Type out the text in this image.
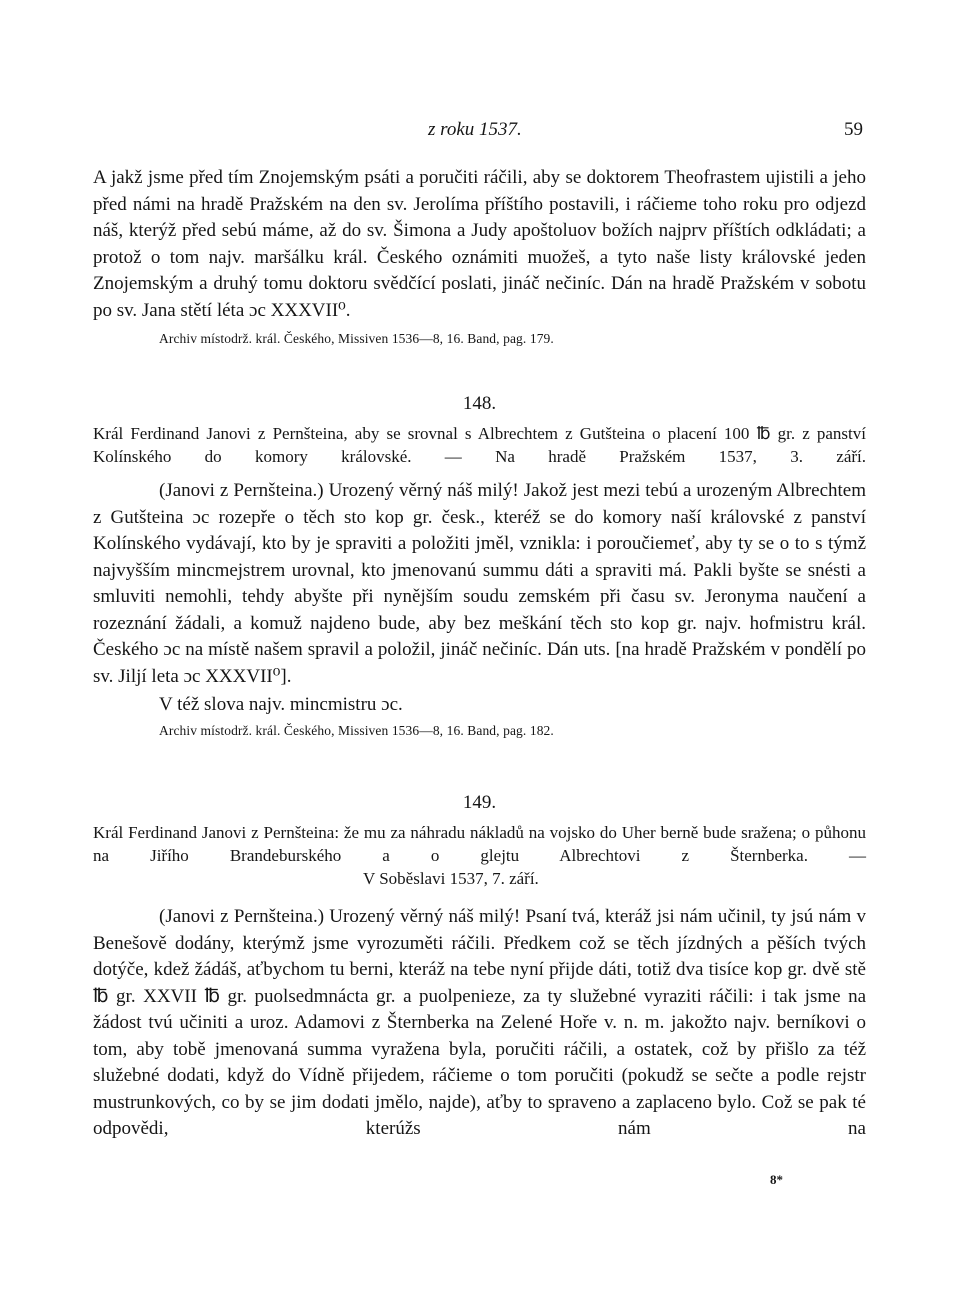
z roku 1537.	59

A jakž jsme před tím Znojemským psáti a poručiti ráčili, aby se doktorem Theofrastem ujistili a jeho před námi na hradě Pražském na den sv. Jerolíma příštího postavili, i ráčieme toho roku pro odjezd náš, kterýž před sebú máme, až do sv. Šimona a Judy apoštoluov božích najprv příštích odkládati; a protož o tom najv. maršálku král. Českého oznámiti muožeš, a tyto naše listy královské jeden Znojemským a druhý tomu doktoru svědčící poslati, jináč nečiníc. Dán na hradě Pražském v sobotu po sv. Jana stětí léta ɔc XXXVII⁰.

Archiv místodrž. král. Českého, Missiven 1536—8, 16. Band, pag. 179.

148.

Král Ferdinand Janovi z Pernšteina, aby se srovnal s Albrechtem z Gutšteina o placení 100 ℔ gr. z panství Kolínského do komory královské. — Na hradě Pražském 1537, 3. září.

(Janovi z Pernšteina.) Urozený věrný náš milý! Jakož jest mezi tebú a urozeným Albrechtem z Gutšteina ɔc rozepře o těch sto kop gr. česk., kteréž se do komory naší královské z panství Kolínského vydávají, kto by je spraviti a položiti jměl, vznikla: i poroučiemeť, aby ty se o to s týmž najvyšším mincmejstrem urovnal, kto jmenovanú summu dáti a spraviti má. Pakli byšte se snésti a smluviti nemohli, tehdy abyšte při nynějším soudu zemském při času sv. Jeronyma naučení a rozeznání žádali, a komuž najdeno bude, aby bez meškání těch sto kop gr. najv. hofmistru král. Českého ɔc na místě našem spravil a položil, jináč nečiníc. Dán uts. [na hradě Pražském v pondělí po sv. Jiljí leta ɔc XXXVII⁰].

V též slova najv. mincmistru ɔc.

Archiv místodrž. král. Českého, Missiven 1536—8, 16. Band, pag. 182.

149.

Král Ferdinand Janovi z Pernšteina: že mu za náhradu nákladů na vojsko do Uher berně bude sražena; o půhonu na Jiřího Brandeburského a o glejtu Albrechtovi z Šternberka. —

V Soběslavi 1537, 7. září.

(Janovi z Pernšteina.) Urozený věrný náš milý! Psaní tvá, kteráž jsi nám učinil, ty jsú nám v Benešově dodány, kterýmž jsme vyrozuměti ráčili. Předkem což se těch jízdných a pěších tvých dotýče, kdež žádáš, aťbychom tu berni, kteráž na tebe nyní přijde dáti, totiž dva tisíce kop gr. dvě stě ℔ gr. XXVII ℔ gr. puolsedmnácta gr. a puolpenieze, za ty služebné vyraziti ráčili: i tak jsme na žádost tvú učiniti a uroz. Adamovi z Šternberka na Zelené Hoře v. n. m. jakožto najv. berníkovi o tom, aby tobě jmenovaná summa vyražena byla, poručiti ráčili, a ostatek, což by přišlo za též služebné dodati, když do Vídně přijedem, ráčieme o tom poručiti (pokudž se sečte a podle rejstr mustrunkových, co by se jim dodati jmělo, najde), aťby to spraveno a zaplaceno bylo. Což se pak té odpovědi, kterúžs nám na

8*
